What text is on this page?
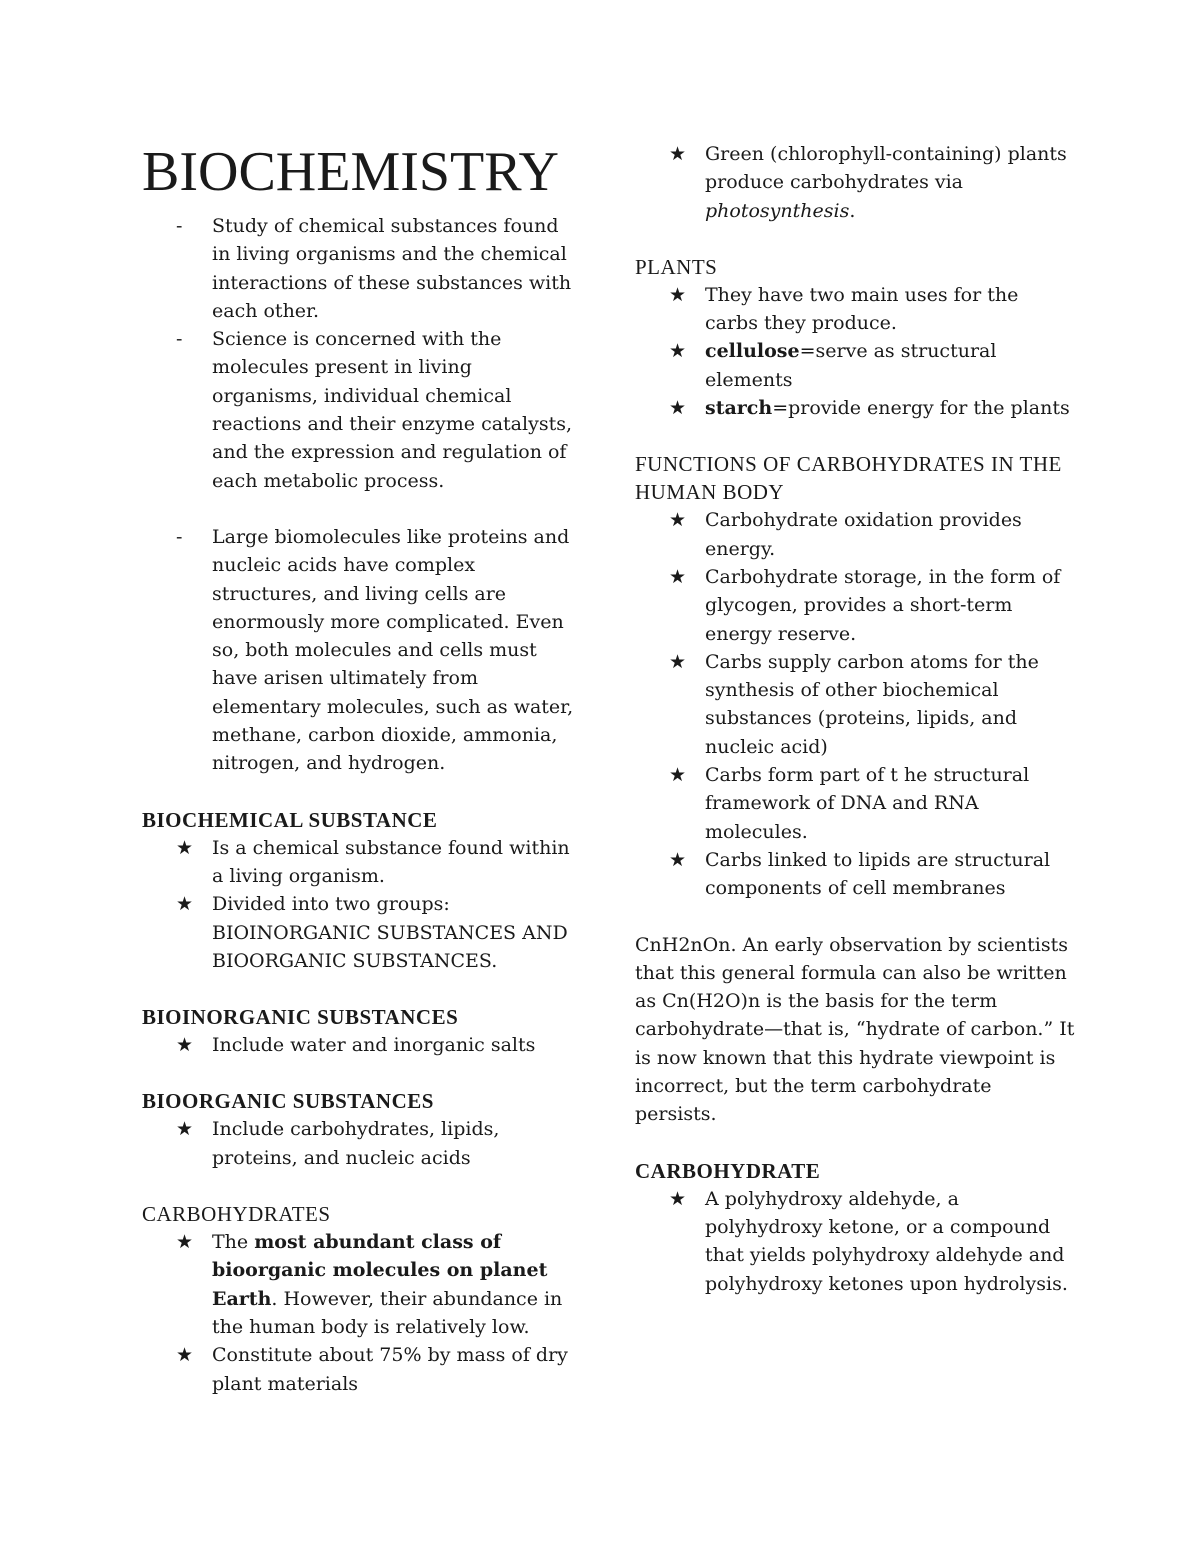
BIOCHEMISTRY
-	Study of chemical substances found in living organisms and the chemical interactions of these substances with each other.
-	Science is concerned with the molecules present in living organisms, individual chemical reactions and their enzyme catalysts, and the expression and regulation of each metabolic process.
-	Large biomolecules like proteins and nucleic acids have complex structures, and living cells are enormously more complicated. Even so, both molecules and cells must have arisen ultimately from elementary molecules, such as water, methane, carbon dioxide, ammonia, nitrogen, and hydrogen.
BIOCHEMICAL SUBSTANCE
★ Is a chemical substance found within a living organism.
★ Divided into two groups: BIOINORGANIC SUBSTANCES AND BIOORGANIC SUBSTANCES.
BIOINORGANIC SUBSTANCES
★ Include water and inorganic salts
BIOORGANIC SUBSTANCES
★ Include carbohydrates, lipids, proteins, and nucleic acids
CARBOHYDRATES
★ The most abundant class of bioorganic molecules on planet Earth. However, their abundance in the human body is relatively low.
★ Constitute about 75% by mass of dry plant materials
★ Green (chlorophyll-containing) plants produce carbohydrates via photosynthesis.
PLANTS
★ They have two main uses for the carbs they produce.
★ cellulose=serve as structural elements
★ starch=provide energy for the plants
FUNCTIONS OF CARBOHYDRATES IN THE HUMAN BODY
★ Carbohydrate oxidation provides energy.
★ Carbohydrate storage, in the form of glycogen, provides a short-term energy reserve.
★ Carbs supply carbon atoms for the synthesis of other biochemical substances (proteins, lipids, and nucleic acid)
★ Carbs form part of t he structural framework of DNA and RNA molecules.
★ Carbs linked to lipids are structural components of cell membranes

CnH2nOn. An early observation by scientists that this general formula can also be written as Cn(H2O)n is the basis for the term carbohydrate—that is, “hydrate of carbon.” It is now known that this hydrate viewpoint is incorrect, but the term carbohydrate persists.

CARBOHYDRATE
★ A polyhydroxy aldehyde, a polyhydroxy ketone, or a compound that yields polyhydroxy aldehyde and polyhydroxy ketones upon hydrolysis.
